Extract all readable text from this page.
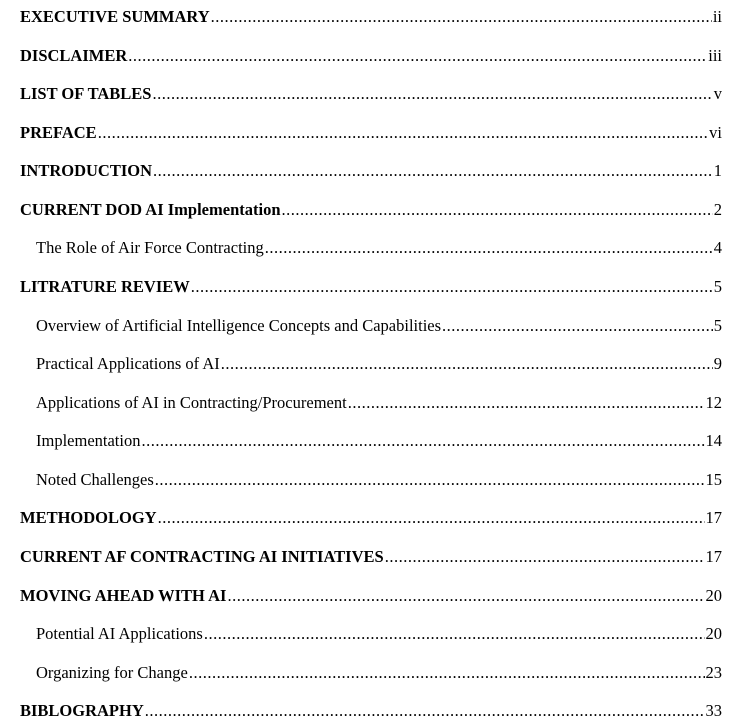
EXECUTIVE SUMMARY .....	ii
DISCLAIMER .....	iii
LIST OF TABLES .....	v
PREFACE .....	vi
INTRODUCTION .....	1
CURRENT DOD AI Implementation .....	2
The Role of Air Force Contracting .....	4
LITRATURE REVIEW .....	5
Overview of Artificial Intelligence Concepts and Capabilities .....	5
Practical Applications of AI .....	9
Applications of AI in Contracting/Procurement .....	12
Implementation .....	14
Noted Challenges .....	15
METHODOLOGY .....	17
CURRENT AF CONTRACTING AI INITIATIVES .....	17
MOVING AHEAD WITH AI .....	20
Potential AI Applications .....	20
Organizing for Change .....	23
BIBLOGRAPHY .....	33
